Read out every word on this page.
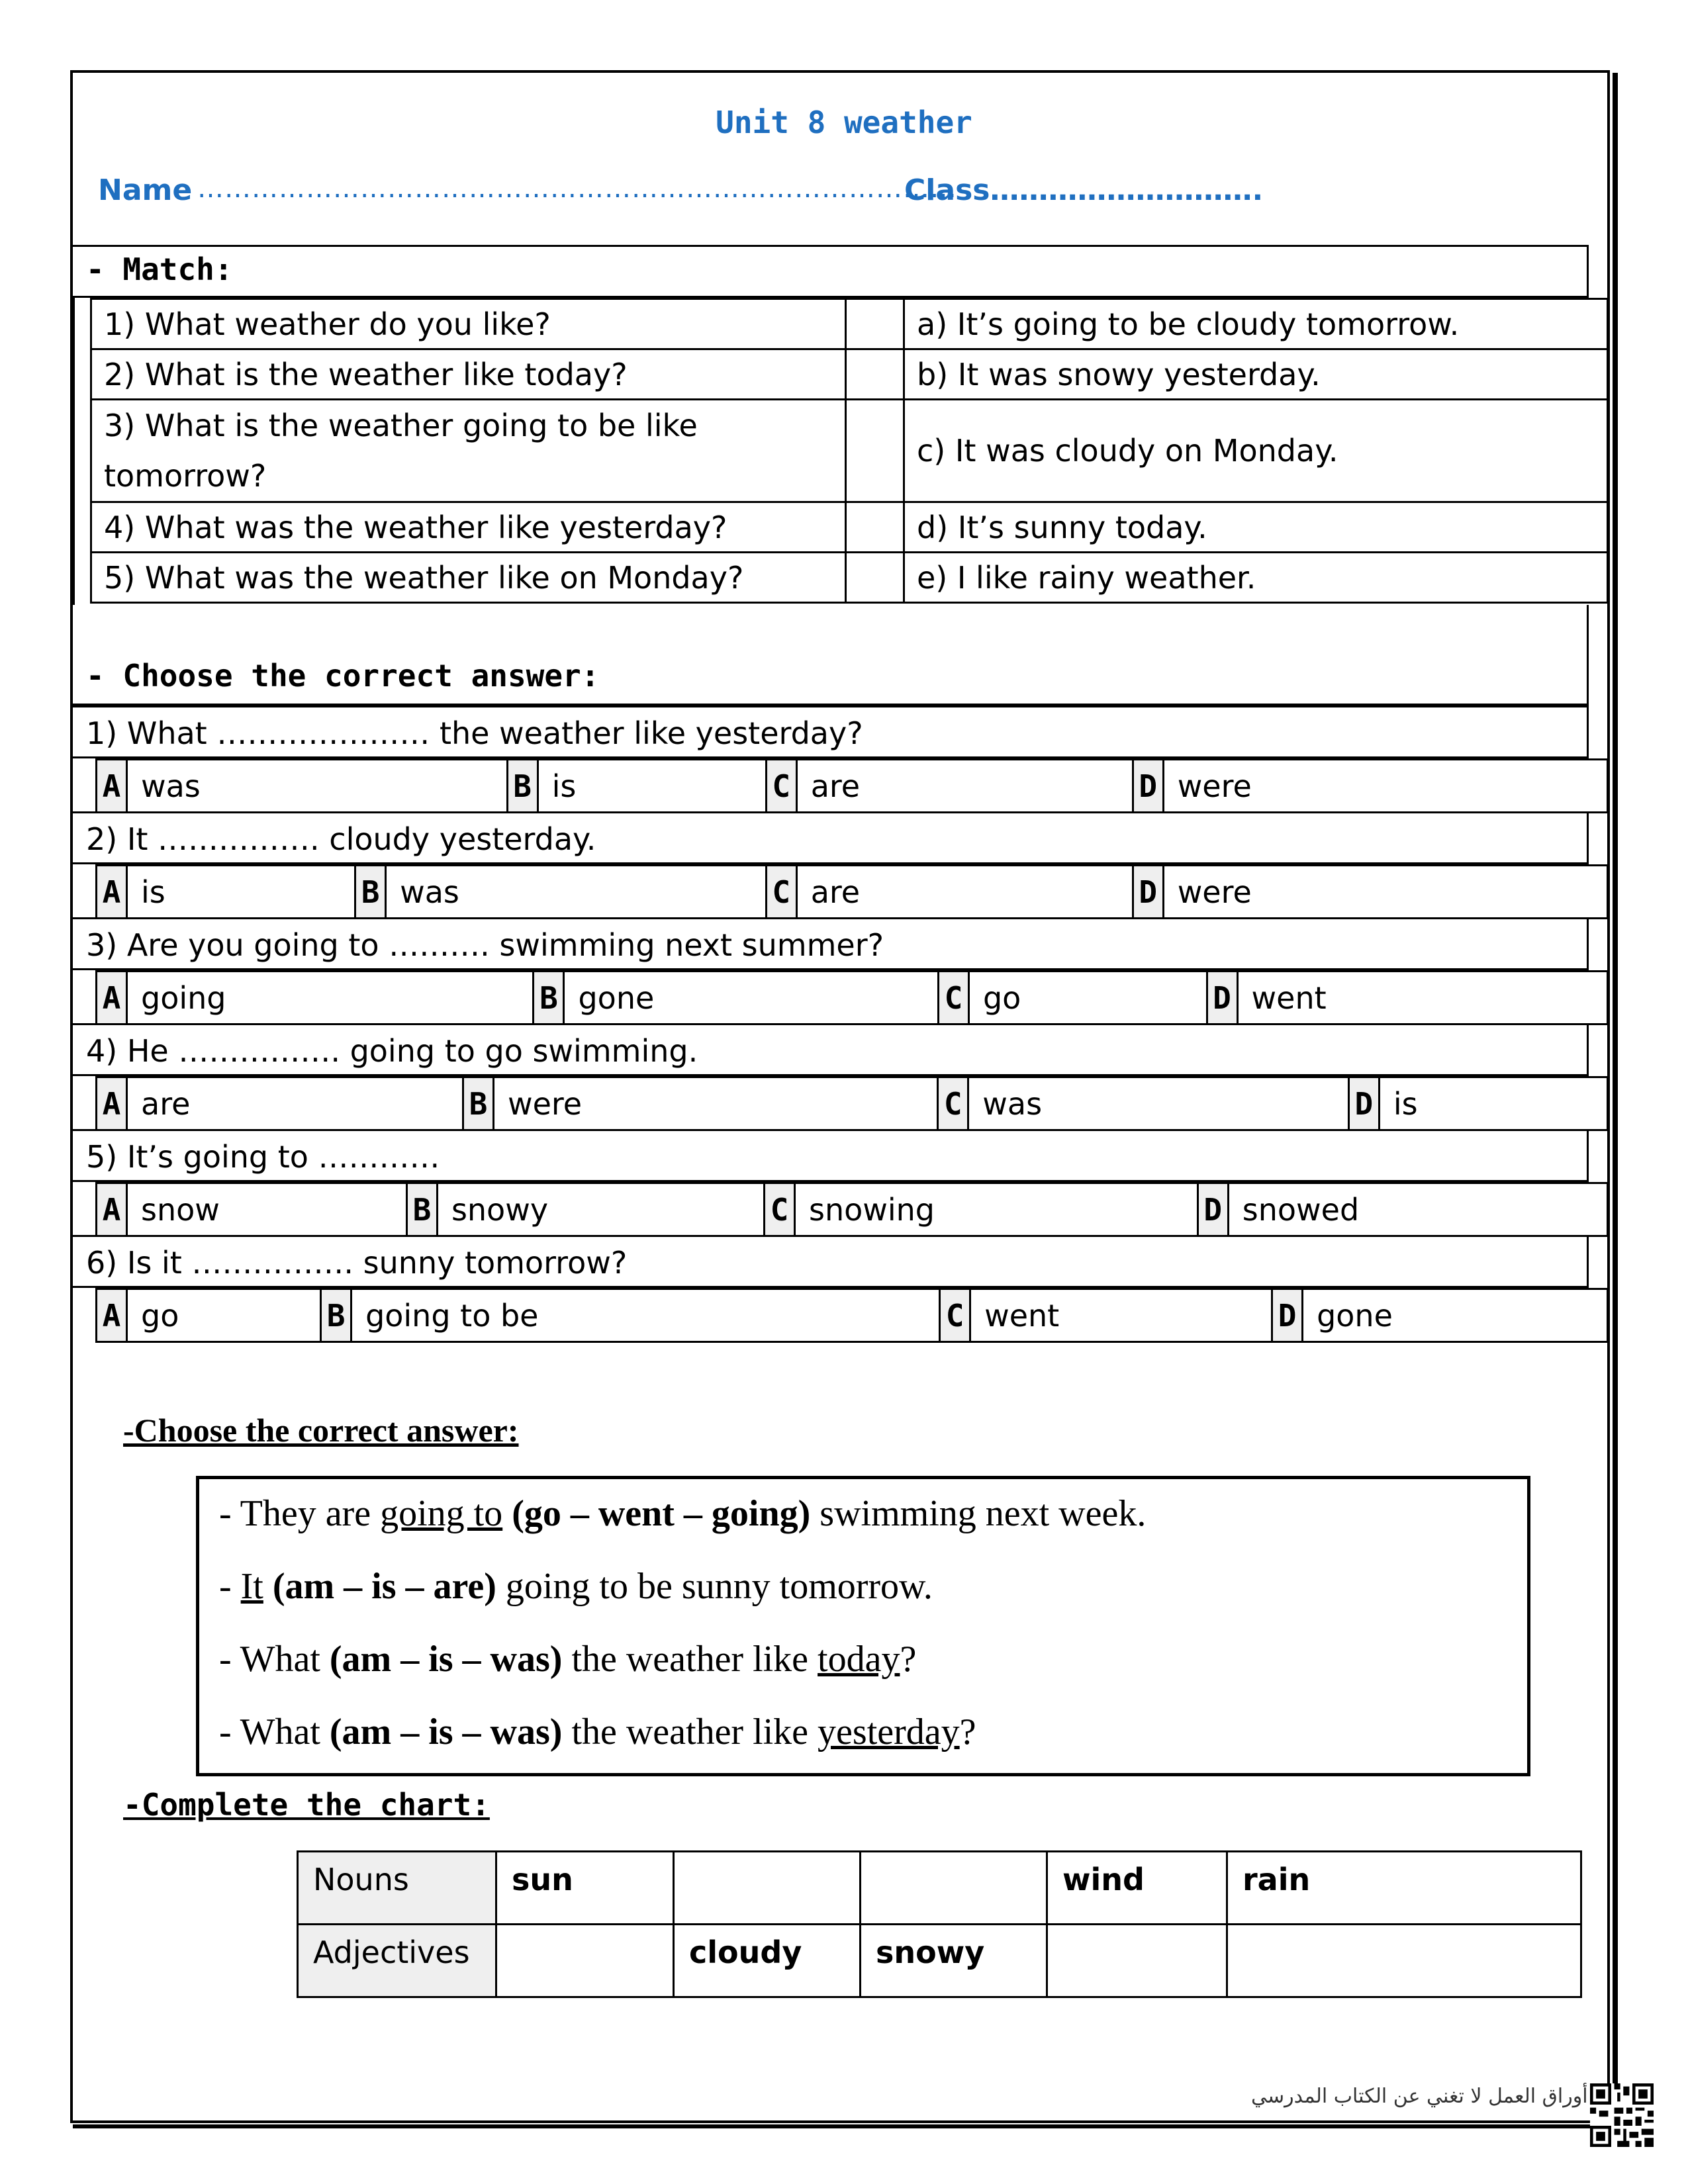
Unit 8 weather
Name …………………………………………………………………………
Class……………………….
- Match:
1) What weather do you like?		a) It’s going to be cloudy tomorrow.
2) What is the weather like today?		b) It was snowy yesterday.
3) What is the weather going to be like tomorrow?		c) It was cloudy on Monday.
4) What was the weather like yesterday?		d) It’s sunny today.
5) What was the weather like on Monday?		e) I like rainy weather.
- Choose the correct answer:
1) What ………………… the weather like yesterday?
A	was	B	is	C	are	D	were
2) It ……………. cloudy yesterday.
A	is	B	was	C	are	D	were
3) Are you going to ………. swimming next summer?
A	going	B	gone	C	go	D	went
4) He ……………. going to go swimming.
A	are	B	were	C	was	D	is
5) It’s going to …………
A	snow	B	snowy	C	snowing	D	snowed
6) Is it ……………. sunny tomorrow?
A	go	B	going to be	C	went	D	gone
-Choose the correct answer:
- They are going to (go – went – going) swimming next week.
- It (am – is – are) going to be sunny tomorrow.
- What (am – is – was) the weather like today?
- What (am – is – was) the weather like yesterday?
-Complete the chart:
Nouns	sun			wind	rain
Adjectives		cloudy	snowy		
أوراق العمل لا تغني عن الكتاب المدرسي
